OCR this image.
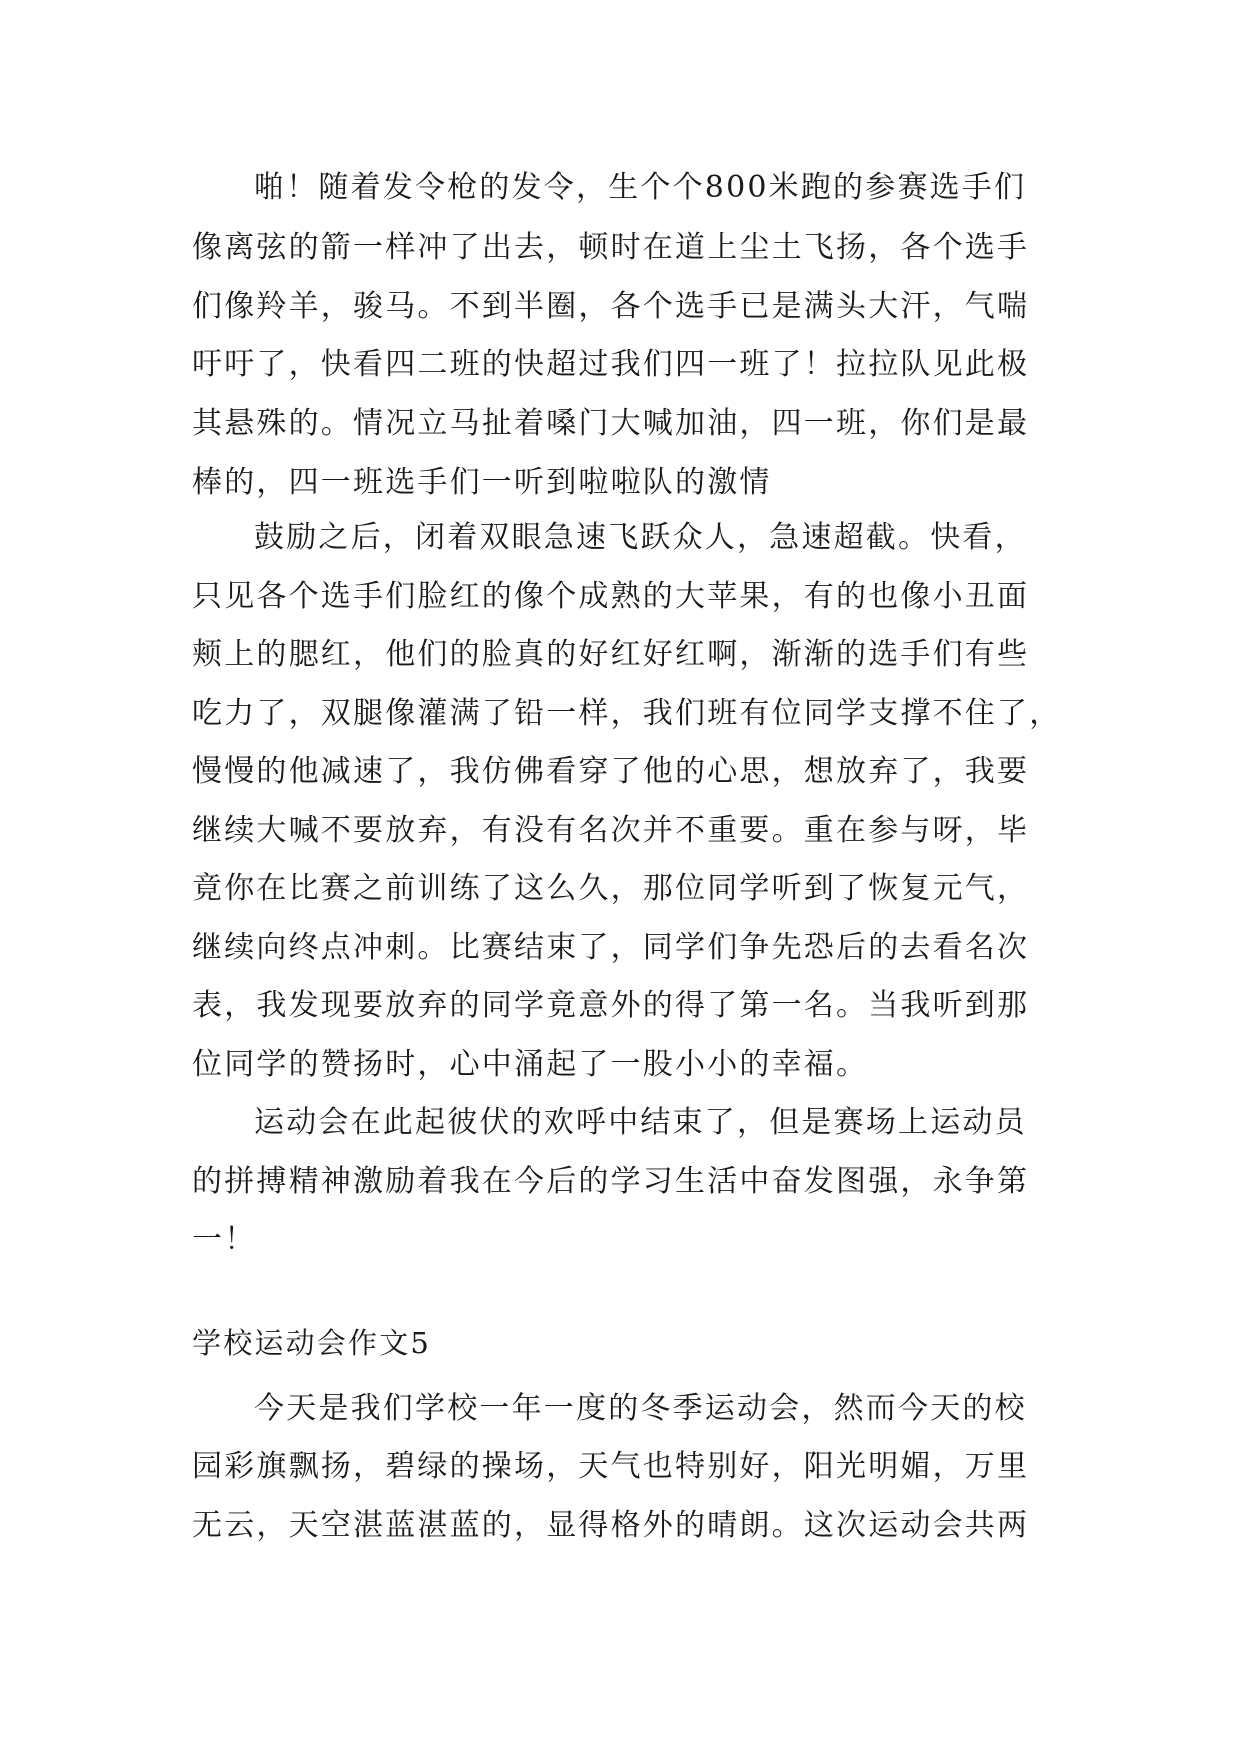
啪！随着发令枪的发令，生个个800米跑的参赛选手们
像离弦的箭一样冲了出去，顿时在道上尘土飞扬，各个选手
们像羚羊，骏马。不到半圈，各个选手已是满头大汗，气喘
吁吁了，快看四二班的快超过我们四一班了！拉拉队见此极
其悬殊的。情况立马扯着嗓门大喊加油，四一班，你们是最
棒的，四一班选手们一听到啦啦队的激情
鼓励之后，闭着双眼急速飞跃众人，急速超截。快看，
只见各个选手们脸红的像个成熟的大苹果，有的也像小丑面
颊上的腮红，他们的脸真的好红好红啊，渐渐的选手们有些
吃力了，双腿像灌满了铅一样，我们班有位同学支撑不住了，
慢慢的他减速了，我仿佛看穿了他的心思，想放弃了，我要
继续大喊不要放弃，有没有名次并不重要。重在参与呀，毕
竟你在比赛之前训练了这么久，那位同学听到了恢复元气，
继续向终点冲刺。比赛结束了，同学们争先恐后的去看名次
表，我发现要放弃的同学竟意外的得了第一名。当我听到那
位同学的赞扬时，心中涌起了一股小小的幸福。
运动会在此起彼伏的欢呼中结束了，但是赛场上运动员
的拼搏精神激励着我在今后的学习生活中奋发图强，永争第
一！
学校运动会作文5
今天是我们学校一年一度的冬季运动会，然而今天的校
园彩旗飘扬，碧绿的操场，天气也特别好，阳光明媚，万里
无云，天空湛蓝湛蓝的，显得格外的晴朗。这次运动会共两
